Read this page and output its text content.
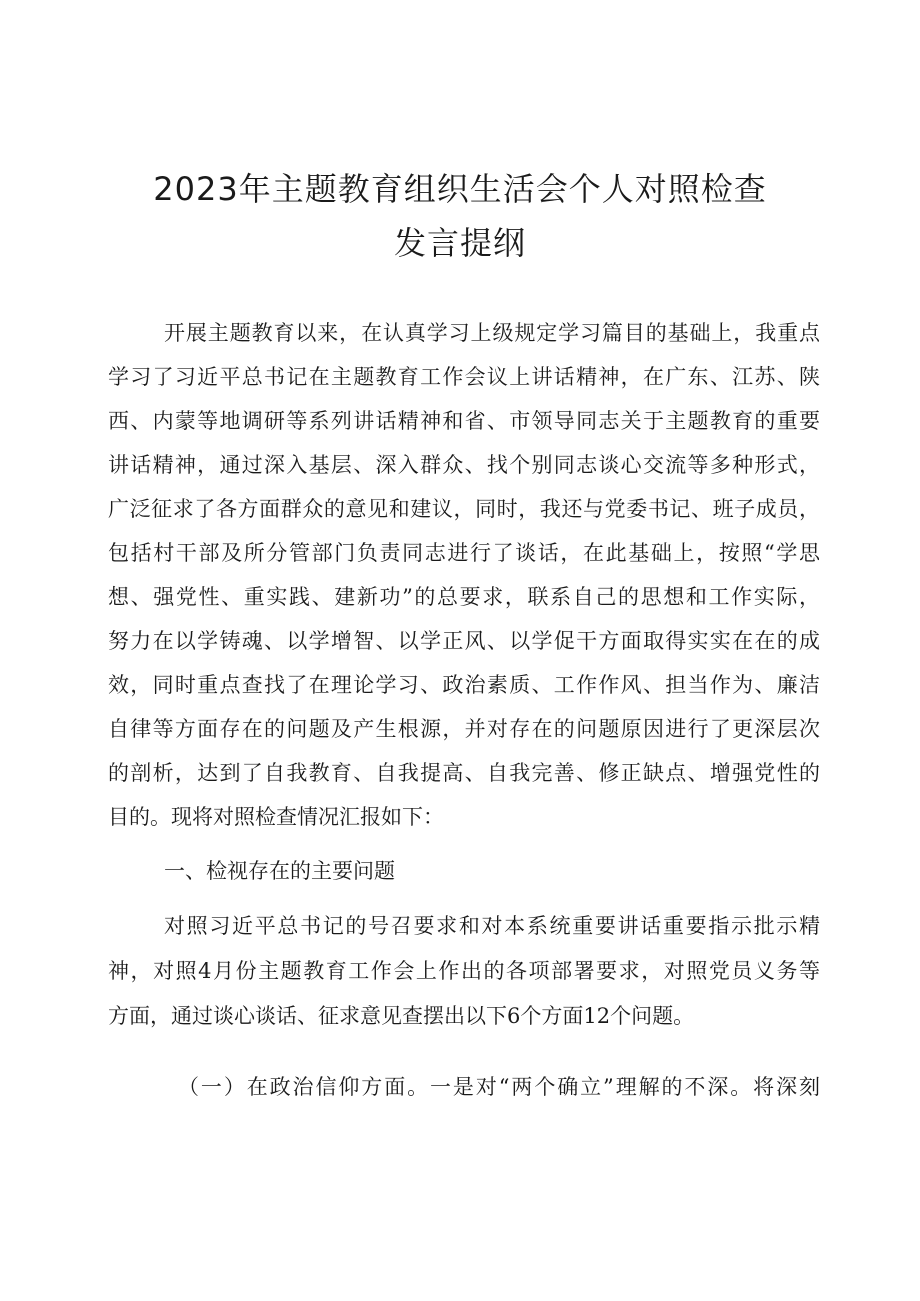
2023年主题教育组织生活会个人对照检查
发言提纲

开展主题教育以来，在认真学习上级规定学习篇目的基础上，我重点

学习了习近平总书记在主题教育工作会议上讲话精神，在广东、江苏、陕

西、内蒙等地调研等系列讲话精神和省、市领导同志关于主题教育的重要

讲话精神，通过深入基层、深入群众、找个别同志谈心交流等多种形式，

广泛征求了各方面群众的意见和建议，同时，我还与党委书记、班子成员，

包括村干部及所分管部门负责同志进行了谈话，在此基础上，按照“学思

想、强党性、重实践、建新功”的总要求，联系自己的思想和工作实际，

努力在以学铸魂、以学增智、以学正风、以学促干方面取得实实在在的成

效，同时重点查找了在理论学习、政治素质、工作作风、担当作为、廉洁

自律等方面存在的问题及产生根源，并对存在的问题原因进行了更深层次

的剖析，达到了自我教育、自我提高、自我完善、修正缺点、增强党性的

目的。现将对照检查情况汇报如下：

一、检视存在的主要问题

对照习近平总书记的号召要求和对本系统重要讲话重要指示批示精

神，对照4月份主题教育工作会上作出的各项部署要求，对照党员义务等

方面，通过谈心谈话、征求意见查摆出以下6个方面12个问题。

（一）在政治信仰方面。一是对“两个确立”理解的不深。将深刻
